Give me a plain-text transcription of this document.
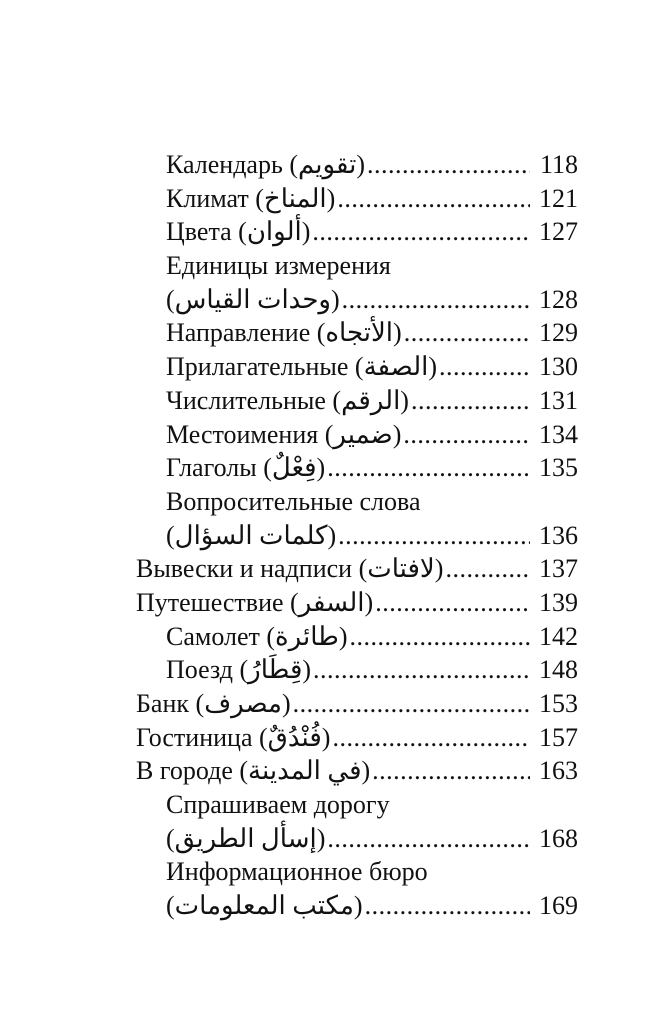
Календарь (تقويم) .....	118
Климат (المناخ) .....	121
Цвета (ألوان) .....	127
Единицы измерения
(وحدات القياس) .....	128
Направление (الأتجاه) .....	129
Прилагательные (الصفة) .....	130
Числительные (الرقم) .....	131
Местоимения (ضمير) .....	134
Глаголы (فِعْلٌ) .....	135
Вопросительные слова
(كلمات السؤال) .....	136
Вывески и надписи (لافتات) .....	137
Путешествие (السفر) .....	139
Самолет (طائرة) .....	142
Поезд (قِطَارُ) .....	148
Банк (مصرف) .....	153
Гостиница (فُنْدُقٌ) .....	157
В городе (في المدينة) .....	163
Спрашиваем дорогу
(إسأل الطريق) .....	168
Информационное бюро
(مكتب المعلومات) .....	169
